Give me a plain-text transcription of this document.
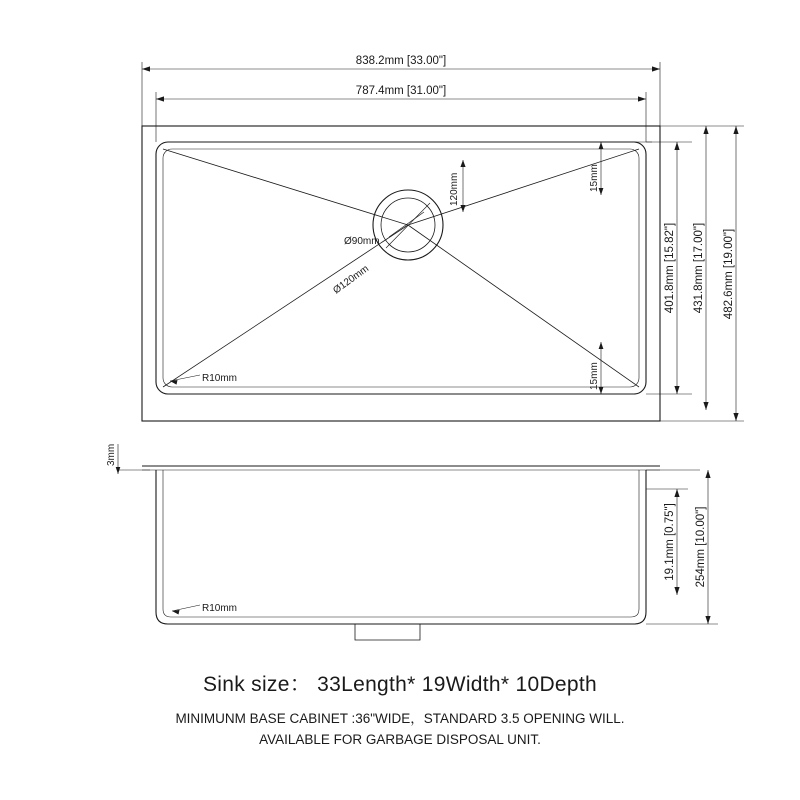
Ø120mm
Ø90mm
120mm
R10mm
15mm
15mm
838.2mm [33.00"]
787.4mm [31.00"]
401.8mm [15.82"] 431.8mm [17.00"] 482.6mm [19.00"]
3mm
R10mm
19.1mm [0.75"] 254mm [10.00"]
Sink size： 33Length* 19Width* 10Depth
MINIMUNM BASE CABINET :36"WIDE，STANDARD 3.5 OPENING WILL.
AVAILABLE FOR GARBAGE DISPOSAL UNIT.
